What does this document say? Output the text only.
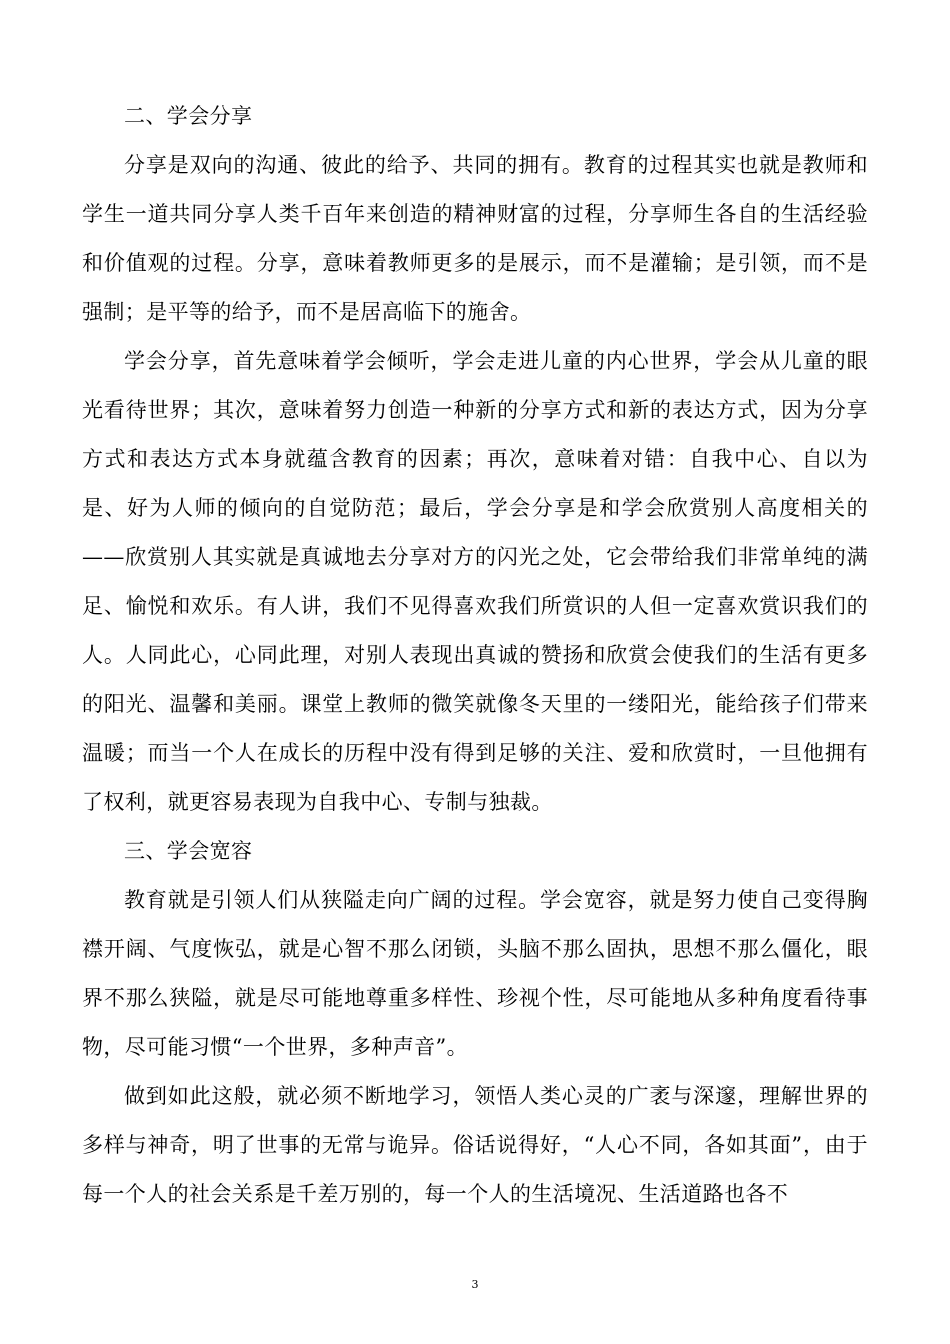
二、学会分享

分享是双向的沟通、彼此的给予、共同的拥有。教育的过程其实也就是教师和学生一道共同分享人类千百年来创造的精神财富的过程，分享师生各自的生活经验和价值观的过程。分享，意味着教师更多的是展示，而不是灌输；是引领，而不是强制；是平等的给予，而不是居高临下的施舍。

学会分享，首先意味着学会倾听，学会走进儿童的内心世界，学会从儿童的眼光看待世界；其次，意味着努力创造一种新的分享方式和新的表达方式，因为分享方式和表达方式本身就蕴含教育的因素；再次，意味着对错：自我中心、自以为是、好为人师的倾向的自觉防范；最后，学会分享是和学会欣赏别人高度相关的——欣赏别人其实就是真诚地去分享对方的闪光之处，它会带给我们非常单纯的满足、愉悦和欢乐。有人讲，我们不见得喜欢我们所赏识的人但一定喜欢赏识我们的人。人同此心，心同此理，对别人表现出真诚的赞扬和欣赏会使我们的生活有更多的阳光、温馨和美丽。课堂上教师的微笑就像冬天里的一缕阳光，能给孩子们带来温暖；而当一个人在成长的历程中没有得到足够的关注、爱和欣赏时，一旦他拥有了权利，就更容易表现为自我中心、专制与独裁。

三、学会宽容

教育就是引领人们从狭隘走向广阔的过程。学会宽容，就是努力使自己变得胸襟开阔、气度恢弘，就是心智不那么闭锁，头脑不那么固执，思想不那么僵化，眼界不那么狭隘，就是尽可能地尊重多样性、珍视个性，尽可能地从多种角度看待事物，尽可能习惯“一个世界，多种声音”。

做到如此这般，就必须不断地学习，领悟人类心灵的广袤与深邃，理解世界的多样与神奇，明了世事的无常与诡异。俗话说得好，“人心不同，各如其面”，由于每一个人的社会关系是千差万别的，每一个人的生活境况、生活道路也各不

3
